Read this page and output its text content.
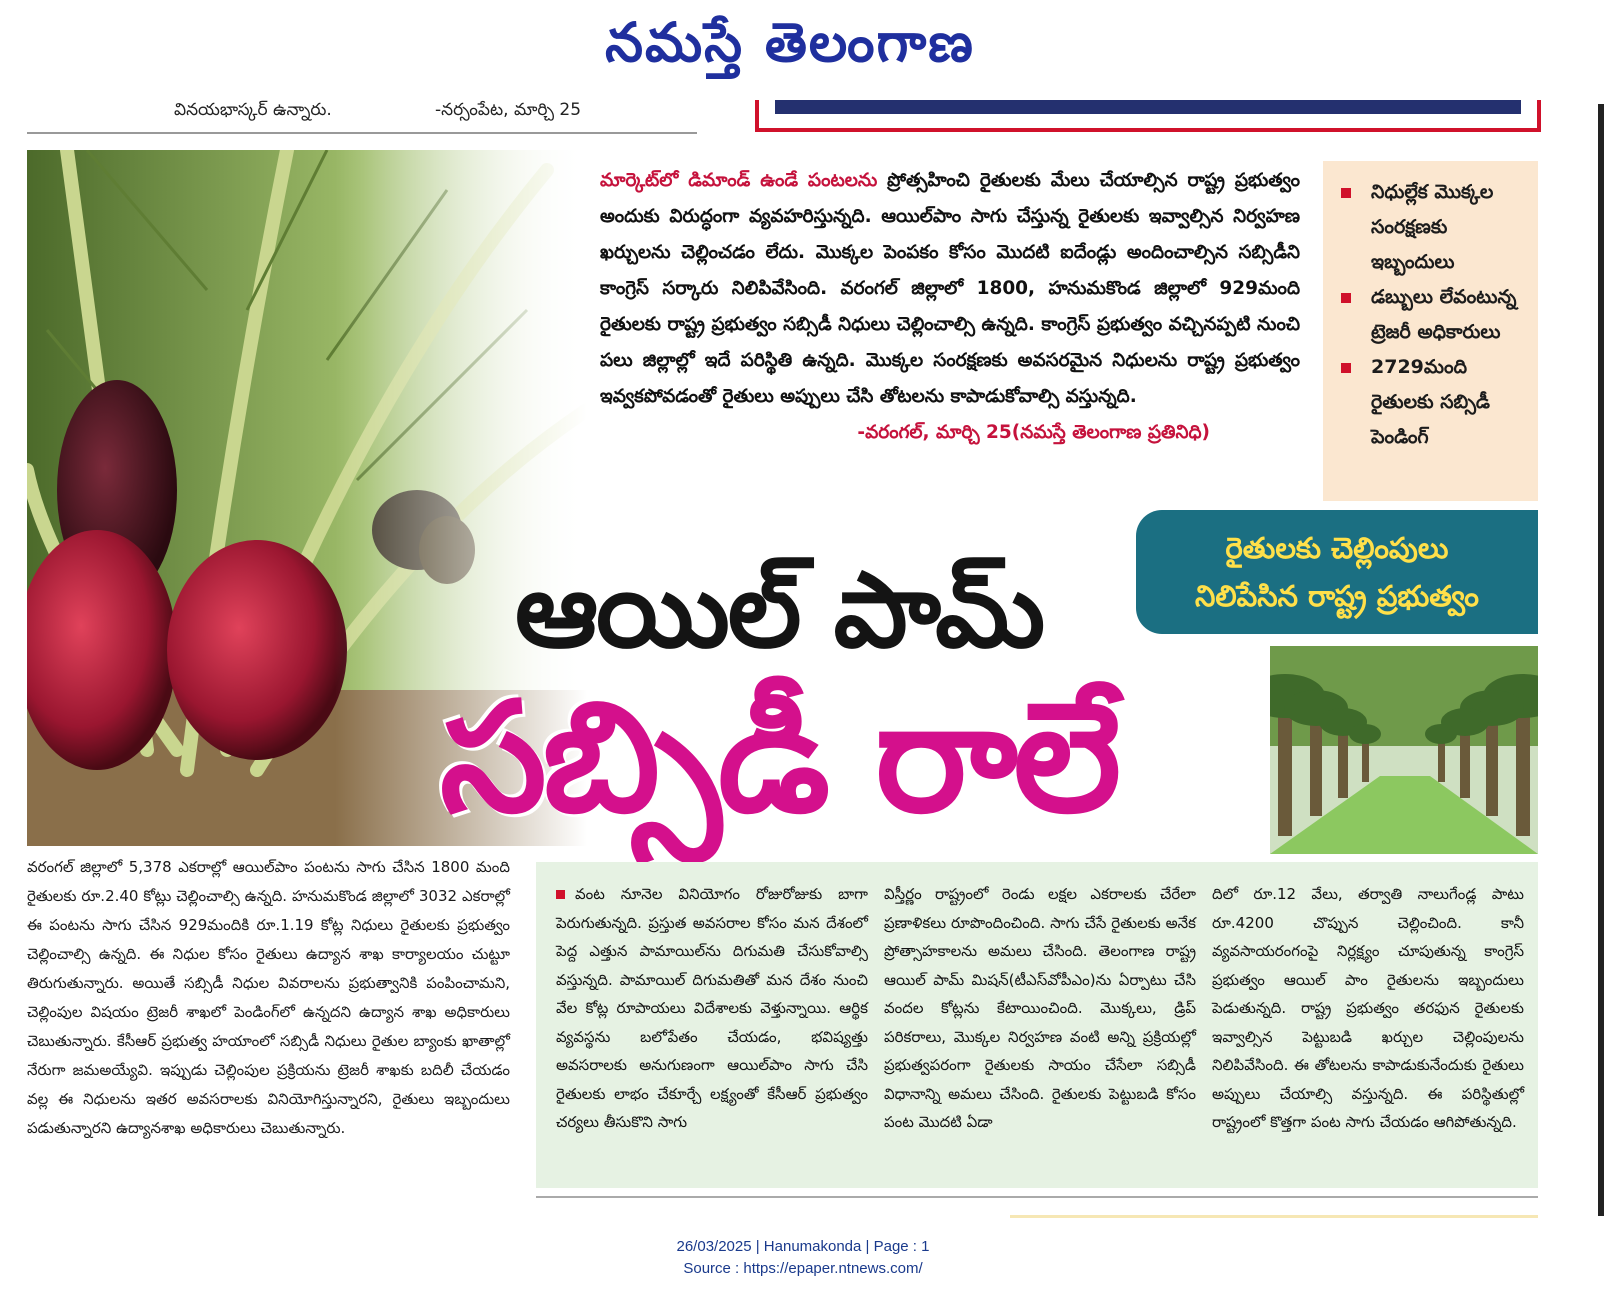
నమస్తే తెలంగాణ
వినయభాస్కర్‌ ఉన్నారు.	-నర్సంపేట, మార్చి 25
మార్కెట్‌లో డిమాండ్‌ ఉండే పంటలను ప్రోత్సహించి రైతులకు మేలు చేయాల్సిన రాష్ట్ర ప్రభుత్వం అందుకు విరుద్ధంగా వ్యవహరిస్తున్నది. ఆయిల్‌పాం సాగు చేస్తున్న రైతులకు ఇవ్వాల్సిన నిర్వహణ ఖర్చులను చెల్లించడం లేదు. మొక్కల పెంపకం కోసం మొదటి ఐదేండ్లు అందించాల్సిన సబ్సిడీని కాంగ్రెస్‌ సర్కారు నిలిపివేసింది. వరంగల్‌ జిల్లాలో 1800, హనుమకొండ జిల్లాలో 929మంది రైతులకు రాష్ట్ర ప్రభుత్వం సబ్సిడీ నిధులు చెల్లించాల్సి ఉన్నది. కాంగ్రెస్‌ ప్రభుత్వం వచ్చినప్పటి నుంచి పలు జిల్లాల్లో ఇదే పరిస్థితి ఉన్నది. మొక్కల సంరక్షణకు అవసరమైన నిధులను రాష్ట్ర ప్రభుత్వం ఇవ్వకపోవడంతో రైతులు అప్పులు చేసి తోటలను కాపాడుకోవాల్సి వస్తున్నది.
-వరంగల్‌, మార్చి 25(నమస్తే తెలంగాణ ప్రతినిధి)
నిధుల్లేక మొక్కల సంరక్షణకు ఇబ్బందులు
డబ్బులు లేవంటున్న ట్రెజరీ అధికారులు
2729మంది రైతులకు సబ్సిడీ పెండింగ్‌
రైతులకు చెల్లింపులు
నిలిపేసిన రాష్ట్ర ప్రభుత్వం
ఆయిల్‌ పామ్‌
సబ్సిడీ రాలే
వరంగల్‌ జిల్లాలో 5,378 ఎకరాల్లో ఆయిల్‌పాం పంటను సాగు చేసిన 1800 మంది రైతులకు రూ.2.40 కోట్లు చెల్లించాల్సి ఉన్నది. హనుమకొండ జిల్లాలో 3032 ఎకరాల్లో ఈ పంటను సాగు చేసిన 929మందికి రూ.1.19 కోట్ల నిధులు రైతులకు ప్రభుత్వం చెల్లించాల్సి ఉన్నది. ఈ నిధుల కోసం రైతులు ఉద్యాన శాఖ కార్యాలయం చుట్టూ తిరుగుతున్నారు. అయితే సబ్సిడీ నిధుల వివరాలను ప్రభుత్వానికి పంపించామని, చెల్లింపుల విషయం ట్రెజరీ శాఖలో పెండింగ్‌లో ఉన్నదని ఉద్యాన శాఖ అధికారులు చెబుతున్నారు. కేసీఆర్‌ ప్రభుత్వ హయాంలో సబ్సిడీ నిధులు రైతుల బ్యాంకు ఖాతాల్లో నేరుగా జమఅయ్యేవి. ఇప్పుడు చెల్లింపుల ప్రక్రియను ట్రెజరీ శాఖకు బదిలీ చేయడం వల్ల ఈ నిధులను ఇతర అవసరాలకు వినియోగిస్తున్నారని, రైతులు ఇబ్బందులు పడుతున్నారని ఉద్యానశాఖ అధికారులు చెబుతున్నారు.
వంట నూనెల వినియోగం రోజురోజుకు బాగా పెరుగుతున్నది. ప్రస్తుత అవసరాల కోసం మన దేశంలో పెద్ద ఎత్తున పామాయిల్‌ను దిగుమతి చేసుకోవాల్సి వస్తున్నది. పామాయిల్‌ దిగుమతితో మన దేశం నుంచి వేల కోట్ల రూపాయలు విదేశాలకు వెళ్తున్నాయి. ఆర్థిక వ్యవస్థను బలోపేతం చేయడం, భవిష్యత్తు అవసరాలకు అనుగుణంగా ఆయిల్‌పాం సాగు చేసి రైతులకు లాభం చేకూర్చే లక్ష్యంతో కేసీఆర్‌ ప్రభుత్వం చర్యలు తీసుకొని సాగు
విస్తీర్ణం రాష్ట్రంలో రెండు లక్షల ఎకరాలకు చేరేలా ప్రణాళికలు రూపొందించింది. సాగు చేసే రైతులకు అనేక ప్రోత్సాహకాలను అమలు చేసింది. తెలంగాణ రాష్ట్ర ఆయిల్‌ పామ్‌ మిషన్‌(టీఎస్‌వోపీఎం)ను ఏర్పాటు చేసి వందల కోట్లను కేటాయించింది. మొక్కలు, డ్రిప్‌ పరికరాలు, మొక్కల నిర్వహణ వంటి అన్ని ప్రక్రియల్లో ప్రభుత్వపరంగా రైతులకు సాయం చేసేలా సబ్సిడీ విధానాన్ని అమలు చేసింది. రైతులకు పెట్టుబడి కోసం పంట మొదటి ఏడా
దిలో రూ.12 వేలు, తర్వాతి నాలుగేండ్ల పాటు రూ.4200 చొప్పున చెల్లించింది. కానీ వ్యవసాయరంగంపై నిర్లక్ష్యం చూపుతున్న కాంగ్రెస్‌ ప్రభుత్వం ఆయిల్‌ పాం రైతులను ఇబ్బందులు పెడుతున్నది. రాష్ట్ర ప్రభుత్వం తరఫున రైతులకు ఇవ్వాల్సిన పెట్టుబడి ఖర్చుల చెల్లింపులను నిలిపివేసింది. ఈ తోటలను కాపాడుకునేందుకు రైతులు అప్పులు చేయాల్సి వస్తున్నది. ఈ పరిస్థితుల్లో రాష్ట్రంలో కొత్తగా పంట సాగు చేయడం ఆగిపోతున్నది.
26/03/2025 | Hanumakonda | Page : 1
Source : https://epaper.ntnews.com/
